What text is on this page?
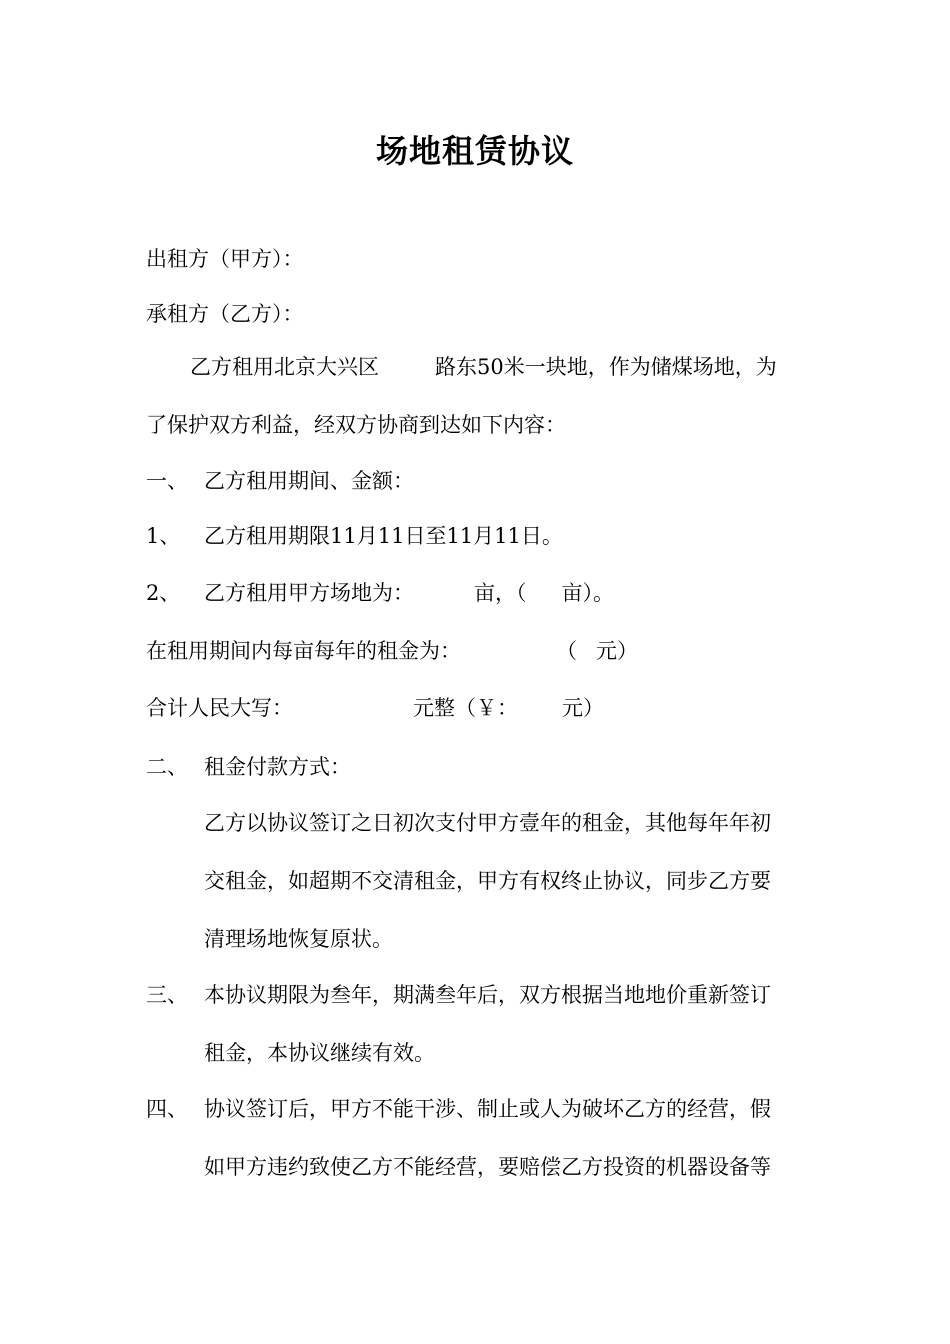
场地租赁协议
出租方（甲方）：
承租方（乙方）：
乙方租用北京大兴区	路东50米一块地，作为储煤场地，为
了保护双方利益，经双方协商到达如下内容：
一、 乙方租用期间、金额：
1、 乙方租用期限11月11日至11月11日。
2、 乙方租用甲方场地为：	亩，（ 亩）。
在租用期间内每亩每年的租金为：	（ 元）
合计人民大写：	元整（￥： 元）
二、 租金付款方式：
乙方以协议签订之日初次支付甲方壹年的租金，其他每年年初
交租金，如超期不交清租金，甲方有权终止协议，同步乙方要
清理场地恢复原状。
三、 本协议期限为叁年，期满叁年后，双方根据当地地价重新签订
租金，本协议继续有效。
四、 协议签订后，甲方不能干涉、制止或人为破坏乙方的经营，假
如甲方违约致使乙方不能经营，要赔偿乙方投资的机器设备等
